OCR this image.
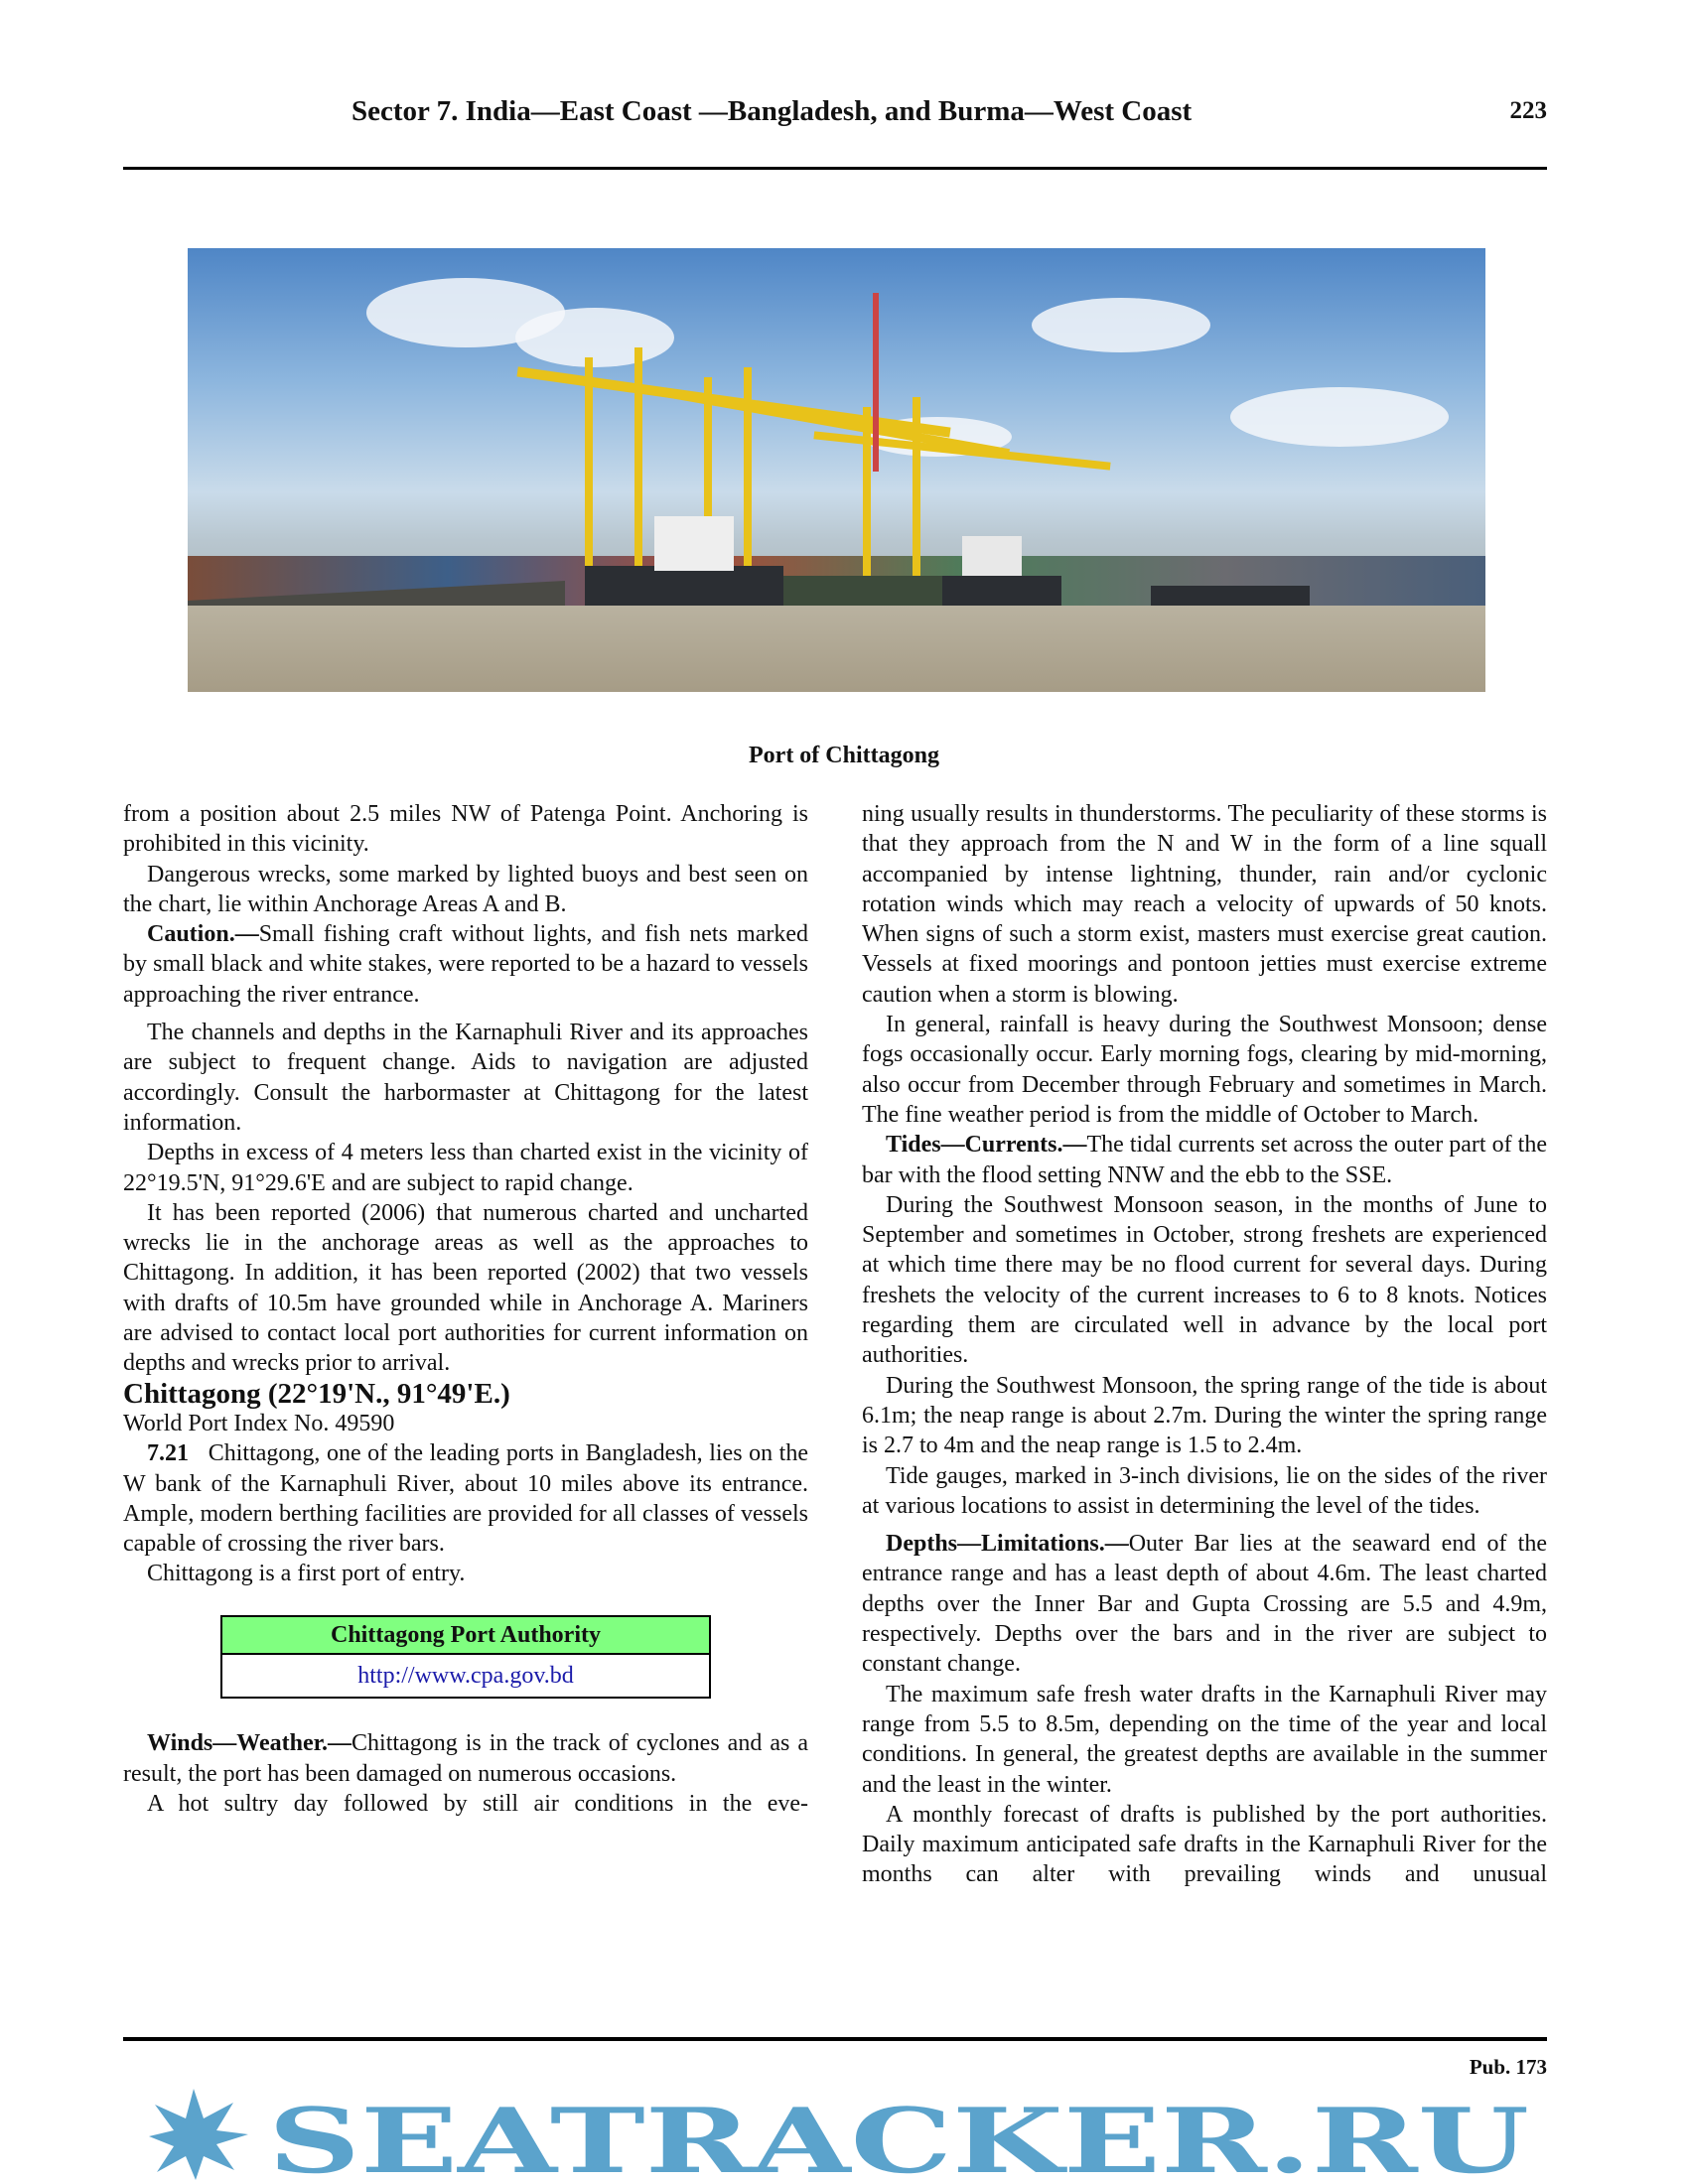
Sector 7. India—East Coast —Bangladesh, and Burma—West Coast	223
Port of Chittagong

from a position about 2.5 miles NW of Patenga Point. Anchoring is prohibited in this vicinity.

Dangerous wrecks, some marked by lighted buoys and best seen on the chart, lie within Anchorage Areas A and B.

Caution.—Small fishing craft without lights, and fish nets marked by small black and white stakes, were reported to be a hazard to vessels approaching the river entrance.

The channels and depths in the Karnaphuli River and its approaches are subject to frequent change. Aids to navigation are adjusted accordingly. Consult the harbormaster at Chittagong for the latest information.

Depths in excess of 4 meters less than charted exist in the vicinity of 22°19.5'N, 91°29.6'E and are subject to rapid change.

It has been reported (2006) that numerous charted and uncharted wrecks lie in the anchorage areas as well as the approaches to Chittagong. In addition, it has been reported (2002) that two vessels with drafts of 10.5m have grounded while in Anchorage A. Mariners are advised to contact local port authorities for current information on depths and wrecks prior to arrival.

Chittagong (22°19'N., 91°49'E.)

World Port Index No. 49590

7.21 Chittagong, one of the leading ports in Bangladesh, lies on the W bank of the Karnaphuli River, about 10 miles above its entrance. Ample, modern berthing facilities are provided for all classes of vessels capable of crossing the river bars.

Chittagong is a first port of entry.

Chittagong Port Authority
http://www.cpa.gov.bd

Winds—Weather.—Chittagong is in the track of cyclones and as a result, the port has been damaged on numerous occasions.

A hot sultry day followed by still air conditions in the eve-

ning usually results in thunderstorms. The peculiarity of these storms is that they approach from the N and W in the form of a line squall accompanied by intense lightning, thunder, rain and/or cyclonic rotation winds which may reach a velocity of upwards of 50 knots. When signs of such a storm exist, masters must exercise great caution. Vessels at fixed moorings and pontoon jetties must exercise extreme caution when a storm is blowing.

In general, rainfall is heavy during the Southwest Monsoon; dense fogs occasionally occur. Early morning fogs, clearing by mid-morning, also occur from December through February and sometimes in March. The fine weather period is from the middle of October to March.

Tides—Currents.—The tidal currents set across the outer part of the bar with the flood setting NNW and the ebb to the SSE.

During the Southwest Monsoon season, in the months of June to September and sometimes in October, strong freshets are experienced at which time there may be no flood current for several days. During freshets the velocity of the current increases to 6 to 8 knots. Notices regarding them are circulated well in advance by the local port authorities.

During the Southwest Monsoon, the spring range of the tide is about 6.1m; the neap range is about 2.7m. During the winter the spring range is 2.7 to 4m and the neap range is 1.5 to 2.4m.

Tide gauges, marked in 3-inch divisions, lie on the sides of the river at various locations to assist in determining the level of the tides.

Depths—Limitations.—Outer Bar lies at the seaward end of the entrance range and has a least depth of about 4.6m. The least charted depths over the Inner Bar and Gupta Crossing are 5.5 and 4.9m, respectively. Depths over the bars and in the river are subject to constant change.

The maximum safe fresh water drafts in the Karnaphuli River may range from 5.5 to 8.5m, depending on the time of the year and local conditions. In general, the greatest depths are available in the summer and the least in the winter.

A monthly forecast of drafts is published by the port authorities. Daily maximum anticipated safe drafts in the Karnaphuli River for the months can alter with prevailing winds and unusual

Pub. 173
SEATRACKER.RU
